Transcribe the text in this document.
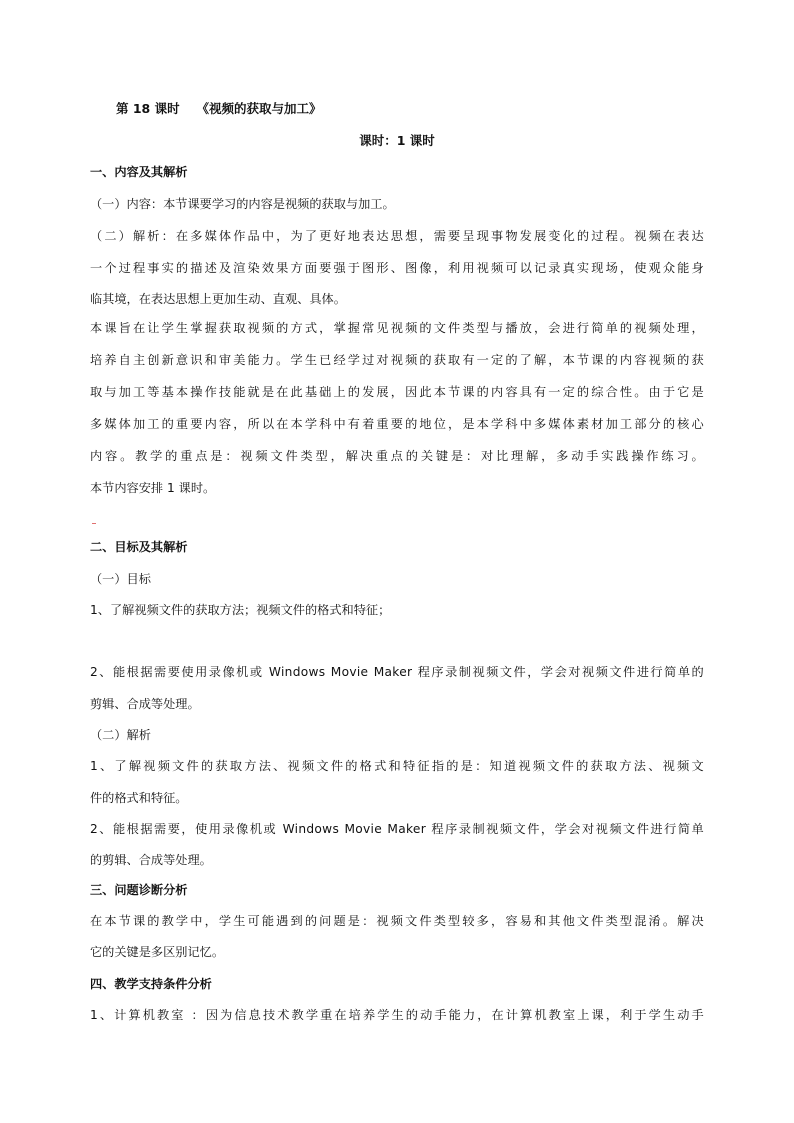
第 18 课时　 《视频的获取与加工》
课时：1 课时
一、内容及其解析
（一）内容：本节课要学习的内容是视频的获取与加工。
（二）解析：在多媒体作品中，为了更好地表达思想，需要呈现事物发展变化的过程。视频在表达
一个过程事实的描述及渲染效果方面要强于图形、图像，利用视频可以记录真实现场，使观众能身
临其境，在表达思想上更加生动、直观、具体。
本课旨在让学生掌握获取视频的方式，掌握常见视频的文件类型与播放，会进行简单的视频处理，
培养自主创新意识和审美能力。学生已经学过对视频的获取有一定的了解，本节课的内容视频的获
取与加工等基本操作技能就是在此基础上的发展，因此本节课的内容具有一定的综合性。由于它是
多媒体加工的重要内容，所以在本学科中有着重要的地位，是本学科中多媒体素材加工部分的核心
内容。教学的重点是：视频文件类型，解决重点的关键是：对比理解，多动手实践操作练习。
本节内容安排 1 课时。
二、目标及其解析
（一）目标
1、了解视频文件的获取方法；视频文件的格式和特征；
2、能根据需要使用录像机或 Windows Movie Maker 程序录制视频文件，学会对视频文件进行简单的
剪辑、合成等处理。
（二）解析
1、了解视频文件的获取方法、视频文件的格式和特征指的是：知道视频文件的获取方法、视频文
件的格式和特征。
2、能根据需要，使用录像机或 Windows Movie Maker 程序录制视频文件，学会对视频文件进行简单
的剪辑、合成等处理。
三、问题诊断分析
在本节课的教学中，学生可能遇到的问题是：视频文件类型较多，容易和其他文件类型混淆。解决
它的关键是多区别记忆。
四、教学支持条件分析
1、计算机教室 ：因为信息技术教学重在培养学生的动手能力，在计算机教室上课，利于学生动手
